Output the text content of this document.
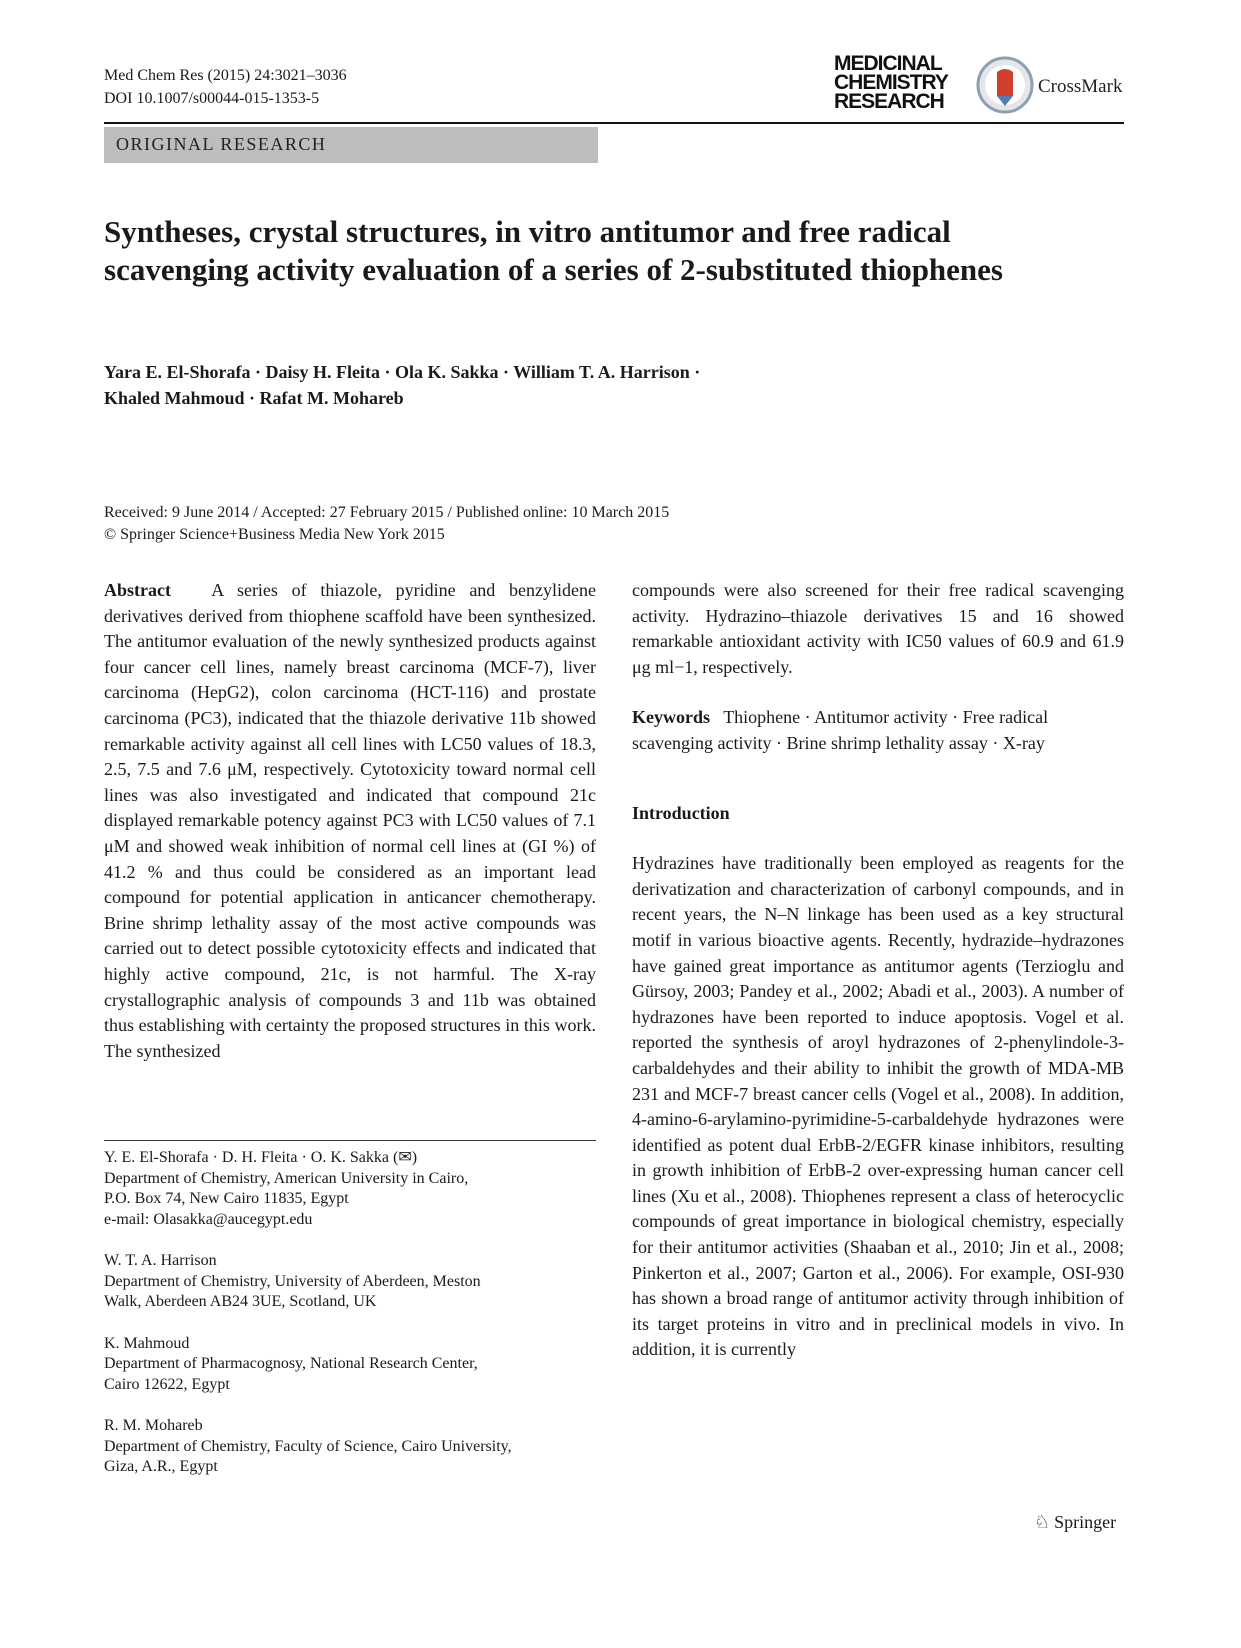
Med Chem Res (2015) 24:3021–3036
DOI 10.1007/s00044-015-1353-5
MEDICINAL
CHEMISTRY
RESEARCH
CrossMark
ORIGINAL RESEARCH
Syntheses, crystal structures, in vitro antitumor and free radical scavenging activity evaluation of a series of 2-substituted thiophenes
Yara E. El-Shorafa · Daisy H. Fleita · Ola K. Sakka · William T. A. Harrison · Khaled Mahmoud · Rafat M. Mohareb
Received: 9 June 2014 / Accepted: 27 February 2015 / Published online: 10 March 2015
© Springer Science+Business Media New York 2015
Abstract A series of thiazole, pyridine and benzylidene derivatives derived from thiophene scaffold have been synthesized. The antitumor evaluation of the newly synthesized products against four cancer cell lines, namely breast carcinoma (MCF-7), liver carcinoma (HepG2), colon carcinoma (HCT-116) and prostate carcinoma (PC3), indicated that the thiazole derivative 11b showed remarkable activity against all cell lines with LC50 values of 18.3, 2.5, 7.5 and 7.6 μM, respectively. Cytotoxicity toward normal cell lines was also investigated and indicated that compound 21c displayed remarkable potency against PC3 with LC50 values of 7.1 μM and showed weak inhibition of normal cell lines at (GI %) of 41.2 % and thus could be considered as an important lead compound for potential application in anticancer chemotherapy. Brine shrimp lethality assay of the most active compounds was carried out to detect possible cytotoxicity effects and indicated that highly active compound, 21c, is not harmful. The X-ray crystallographic analysis of compounds 3 and 11b was obtained thus establishing with certainty the proposed structures in this work. The synthesized
Y. E. El-Shorafa · D. H. Fleita · O. K. Sakka (✉)
Department of Chemistry, American University in Cairo,
P.O. Box 74, New Cairo 11835, Egypt
e-mail: Olasakka@aucegypt.edu
W. T. A. Harrison
Department of Chemistry, University of Aberdeen, Meston
Walk, Aberdeen AB24 3UE, Scotland, UK
K. Mahmoud
Department of Pharmacognosy, National Research Center,
Cairo 12622, Egypt
R. M. Mohareb
Department of Chemistry, Faculty of Science, Cairo University,
Giza, A.R., Egypt
compounds were also screened for their free radical scavenging activity. Hydrazino–thiazole derivatives 15 and 16 showed remarkable antioxidant activity with IC50 values of 60.9 and 61.9 μg ml−1, respectively.
Keywords Thiophene · Antitumor activity · Free radical scavenging activity · Brine shrimp lethality assay · X-ray
Introduction
Hydrazines have traditionally been employed as reagents for the derivatization and characterization of carbonyl compounds, and in recent years, the N–N linkage has been used as a key structural motif in various bioactive agents. Recently, hydrazide–hydrazones have gained great importance as antitumor agents (Terzioglu and Gürsoy, 2003; Pandey et al., 2002; Abadi et al., 2003). A number of hydrazones have been reported to induce apoptosis. Vogel et al. reported the synthesis of aroyl hydrazones of 2-phenylindole-3-carbaldehydes and their ability to inhibit the growth of MDA-MB 231 and MCF-7 breast cancer cells (Vogel et al., 2008). In addition, 4-amino-6-arylamino-pyrimidine-5-carbaldehyde hydrazones were identified as potent dual ErbB-2/EGFR kinase inhibitors, resulting in growth inhibition of ErbB-2 over-expressing human cancer cell lines (Xu et al., 2008). Thiophenes represent a class of heterocyclic compounds of great importance in biological chemistry, especially for their antitumor activities (Shaaban et al., 2010; Jin et al., 2008; Pinkerton et al., 2007; Garton et al., 2006). For example, OSI-930 has shown a broad range of antitumor activity through inhibition of its target proteins in vitro and in preclinical models in vivo. In addition, it is currently
♘ Springer
